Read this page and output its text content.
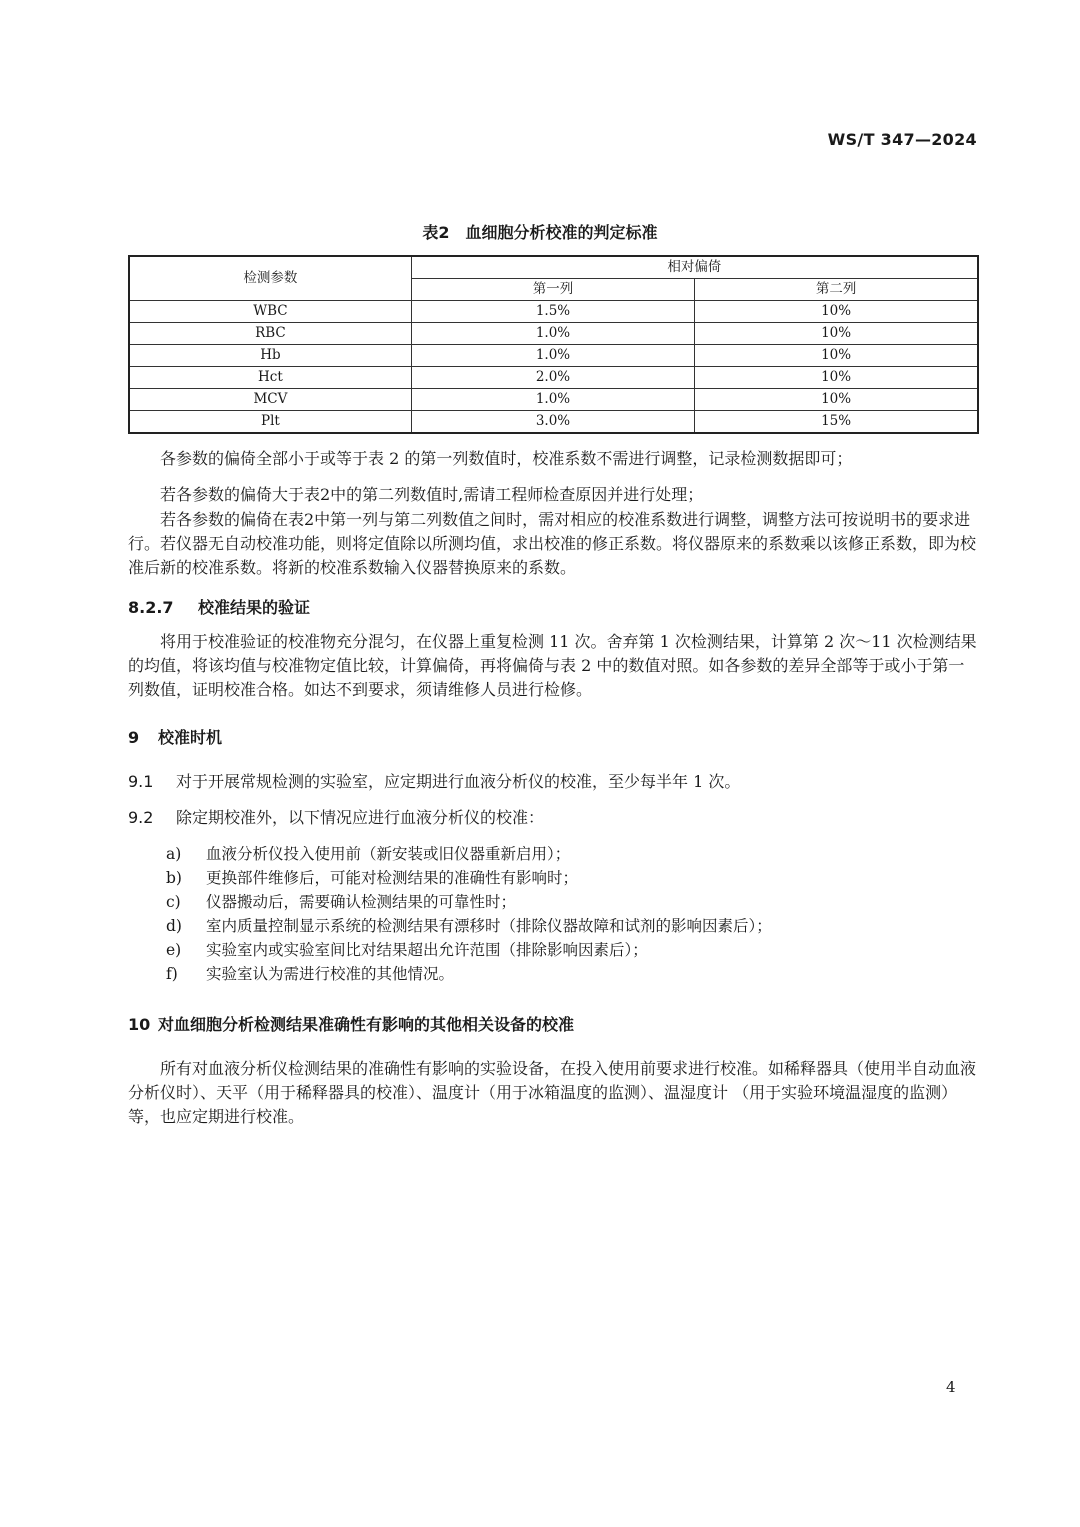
WS/T 347—2024
表2　血细胞分析校准的判定标准
检测参数	相对偏倚	
	第一列	第二列
WBC	1.5%	10%
RBC	1.0%	10%
Hb	1.0%	10%
Hct	2.0%	10%
MCV	1.0%	10%
Plt	3.0%	15%
各参数的偏倚全部小于或等于表 2 的第一列数值时，校准系数不需进行调整，记录检测数据即可；
若各参数的偏倚大于表2中的第二列数值时,需请工程师检查原因并进行处理；
若各参数的偏倚在表2中第一列与第二列数值之间时，需对相应的校准系数进行调整，调整方法可按说明书的要求进行。若仪器无自动校准功能，则将定值除以所测均值，求出校准的修正系数。将仪器原来的系数乘以该修正系数，即为校准后新的校准系数。将新的校准系数输入仪器替换原来的系数。
8.2.7 校准结果的验证
将用于校准验证的校准物充分混匀，在仪器上重复检测 11 次。舍弃第 1 次检测结果，计算第 2 次～11 次检测结果的均值，将该均值与校准物定值比较，计算偏倚，再将偏倚与表 2 中的数值对照。如各参数的差异全部等于或小于第一列数值，证明校准合格。如达不到要求，须请维修人员进行检修。
9 校准时机
9.1 对于开展常规检测的实验室，应定期进行血液分析仪的校准，至少每半年 1 次。
9.2 除定期校准外，以下情况应进行血液分析仪的校准：
a) 血液分析仪投入使用前（新安装或旧仪器重新启用）；
b) 更换部件维修后，可能对检测结果的准确性有影响时；
c) 仪器搬动后，需要确认检测结果的可靠性时；
d) 室内质量控制显示系统的检测结果有漂移时（排除仪器故障和试剂的影响因素后）；
e) 实验室内或实验室间比对结果超出允许范围（排除影响因素后）；
f) 实验室认为需进行校准的其他情况。
10 对血细胞分析检测结果准确性有影响的其他相关设备的校准
所有对血液分析仪检测结果的准确性有影响的实验设备，在投入使用前要求进行校准。如稀释器具（使用半自动血液分析仪时）、天平（用于稀释器具的校准）、温度计（用于冰箱温度的监测）、温湿度计 （用于实验环境温湿度的监测）等，也应定期进行校准。
4
